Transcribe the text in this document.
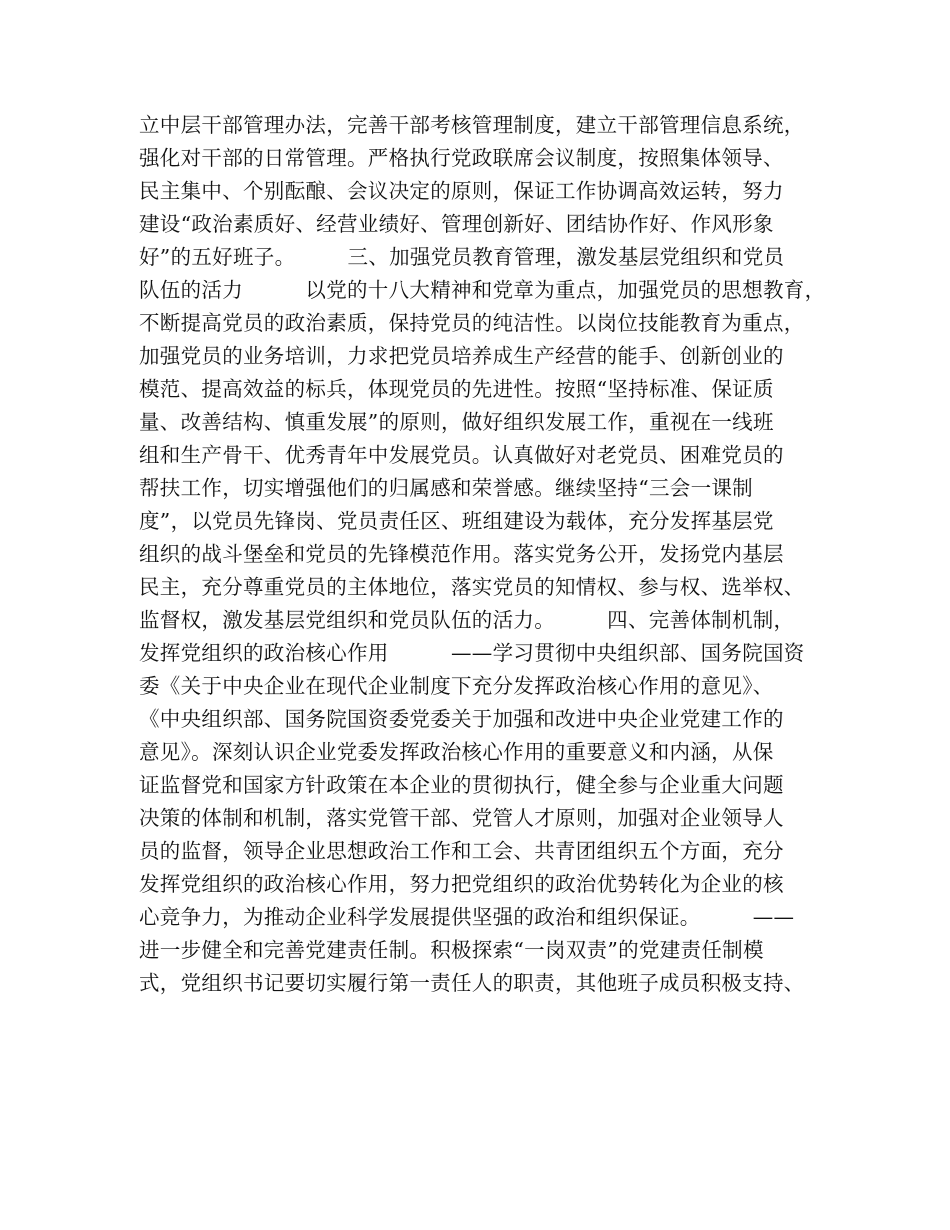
立中层干部管理办法，完善干部考核管理制度，建立干部管理信息系统，
强化对干部的日常管理。严格执行党政联席会议制度，按照集体领导、
民主集中、个别酝酿、会议决定的原则，保证工作协调高效运转，努力
建设“政治素质好、经营业绩好、管理创新好、团结协作好、作风形象
好”的五好班子。　　　三、加强党员教育管理，激发基层党组织和党员
队伍的活力　　　以党的十八大精神和党章为重点，加强党员的思想教育，
不断提高党员的政治素质，保持党员的纯洁性。以岗位技能教育为重点，
加强党员的业务培训，力求把党员培养成生产经营的能手、创新创业的
模范、提高效益的标兵，体现党员的先进性。按照“坚持标准、保证质
量、改善结构、慎重发展”的原则，做好组织发展工作，重视在一线班
组和生产骨干、优秀青年中发展党员。认真做好对老党员、困难党员的
帮扶工作，切实增强他们的归属感和荣誉感。继续坚持“三会一课制
度”，以党员先锋岗、党员责任区、班组建设为载体，充分发挥基层党
组织的战斗堡垒和党员的先锋模范作用。落实党务公开，发扬党内基层
民主，充分尊重党员的主体地位，落实党员的知情权、参与权、选举权、
监督权，激发基层党组织和党员队伍的活力。　　　四、完善体制机制，
发挥党组织的政治核心作用　　　——学习贯彻中央组织部、国务院国资
委《关于中央企业在现代企业制度下充分发挥政治核心作用的意见》、
《中央组织部、国务院国资委党委关于加强和改进中央企业党建工作的
意见》。深刻认识企业党委发挥政治核心作用的重要意义和内涵，从保
证监督党和国家方针政策在本企业的贯彻执行，健全参与企业重大问题
决策的体制和机制，落实党管干部、党管人才原则，加强对企业领导人
员的监督，领导企业思想政治工作和工会、共青团组织五个方面，充分
发挥党组织的政治核心作用，努力把党组织的政治优势转化为企业的核
心竞争力，为推动企业科学发展提供坚强的政治和组织保证。　　　——
进一步健全和完善党建责任制。积极探索“一岗双责”的党建责任制模
式，党组织书记要切实履行第一责任人的职责，其他班子成员积极支持、
